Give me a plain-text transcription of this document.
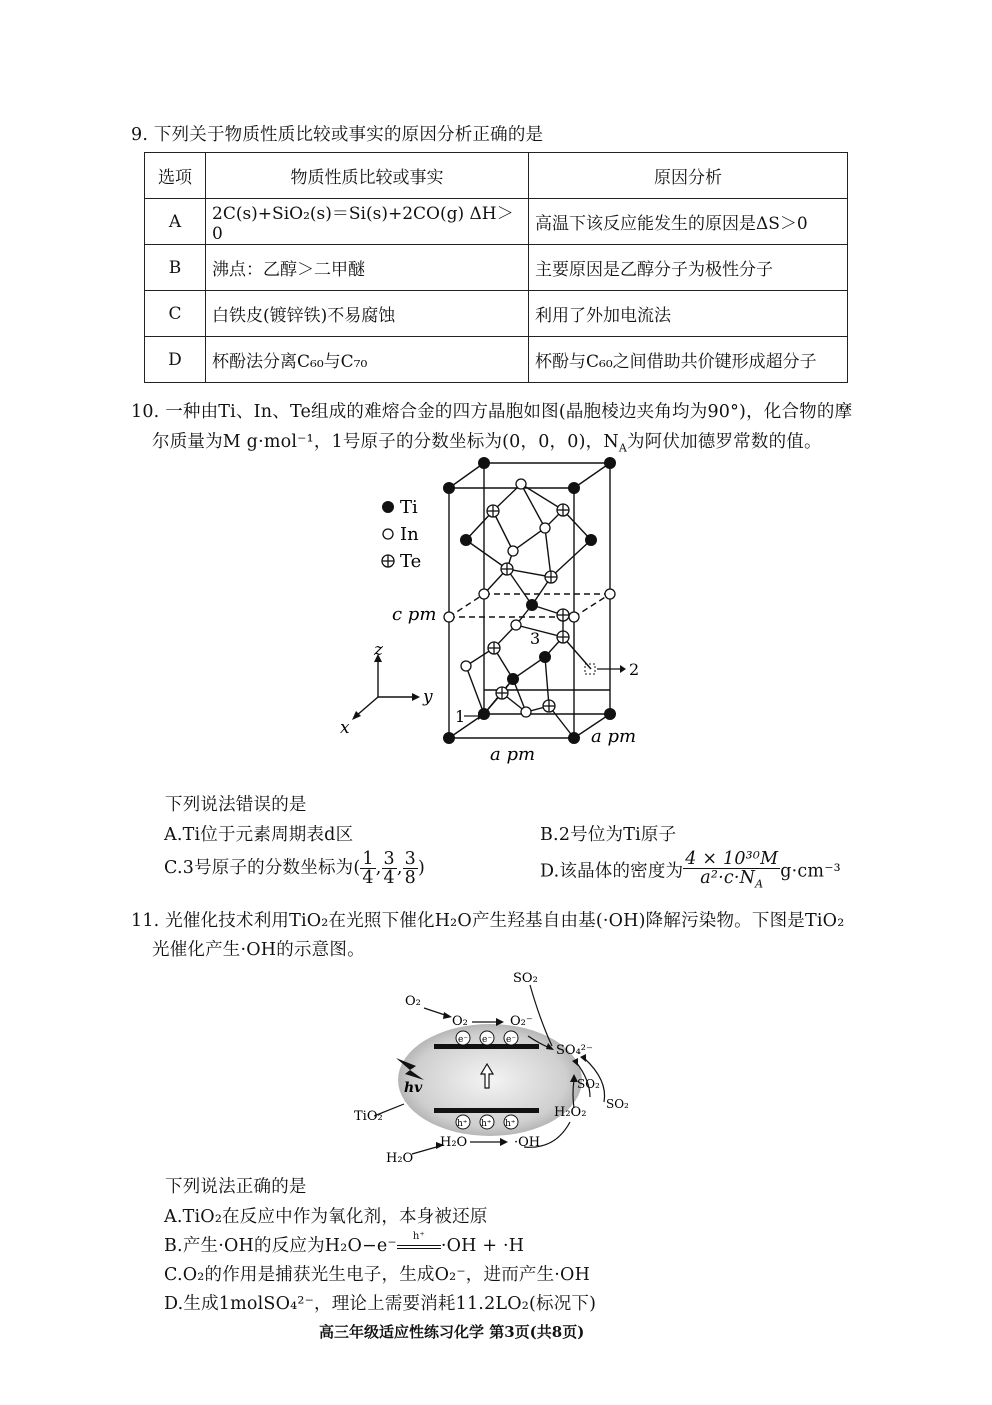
9. 下列关于物质性质比较或事实的原因分析正确的是
选项	物质性质比较或事实	原因分析
A	2C(s)+SiO₂(s)＝Si(s)+2CO(g) ΔH＞0	高温下该反应能发生的原因是ΔS＞0
B	沸点：乙醇＞二甲醚	主要原因是乙醇分子为极性分子
C	白铁皮(镀锌铁)不易腐蚀	利用了外加电流法
D	杯酚法分离C₆₀与C₇₀	杯酚与C₆₀之间借助共价键形成超分子
10. 一种由Ti、In、Te组成的难熔合金的四方晶胞如图(晶胞棱边夹角均为90°)，化合物的摩
尔质量为M g·mol⁻¹，1号原子的分数坐标为(0，0，0)，$N_A$为阿伏加德罗常数的值。
Ti
In
Te
c pm
a pm
a pm
z
y
x
1
2
3
下列说法错误的是
A.Ti位于元素周期表d区	B.2号位为Ti原子
C.3号原子的分数坐标为( $\frac{1}{4}$ , $\frac{3}{4}$ , $\frac{3}{8}$ )	D.该晶体的密度为 $\frac{\text{4 × 10³⁰M}}{a^2\cdot c\cdot N_A} g\cdot cm^{-3}$
11. 光催化技术利用TiO₂在光照下催化H₂O产生羟基自由基(·OH)降解污染物。下图是TiO₂
光催化产生·OH的示意图。
SO₂
O₂
O₂	O₂⁻
e⁻ e⁻ e⁻
SO₄²⁻
SO₂
SO₂
hv
TiO₂	H₂O₂
h⁺ h⁺ h⁺
H₂O
H₂O	·OH
下列说法正确的是
A.TiO₂在反应中作为氧化剂，本身被还原
B.产生·OH的反应为H₂O−e⁻	h⁺ ·OH + ·H
C.O₂的作用是捕获光生电子，生成O₂⁻，进而产生·OH
D.生成1molSO₄²⁻，理论上需要消耗11.2LO₂(标况下)
高三年级适应性练习化学 第3页(共8页)
